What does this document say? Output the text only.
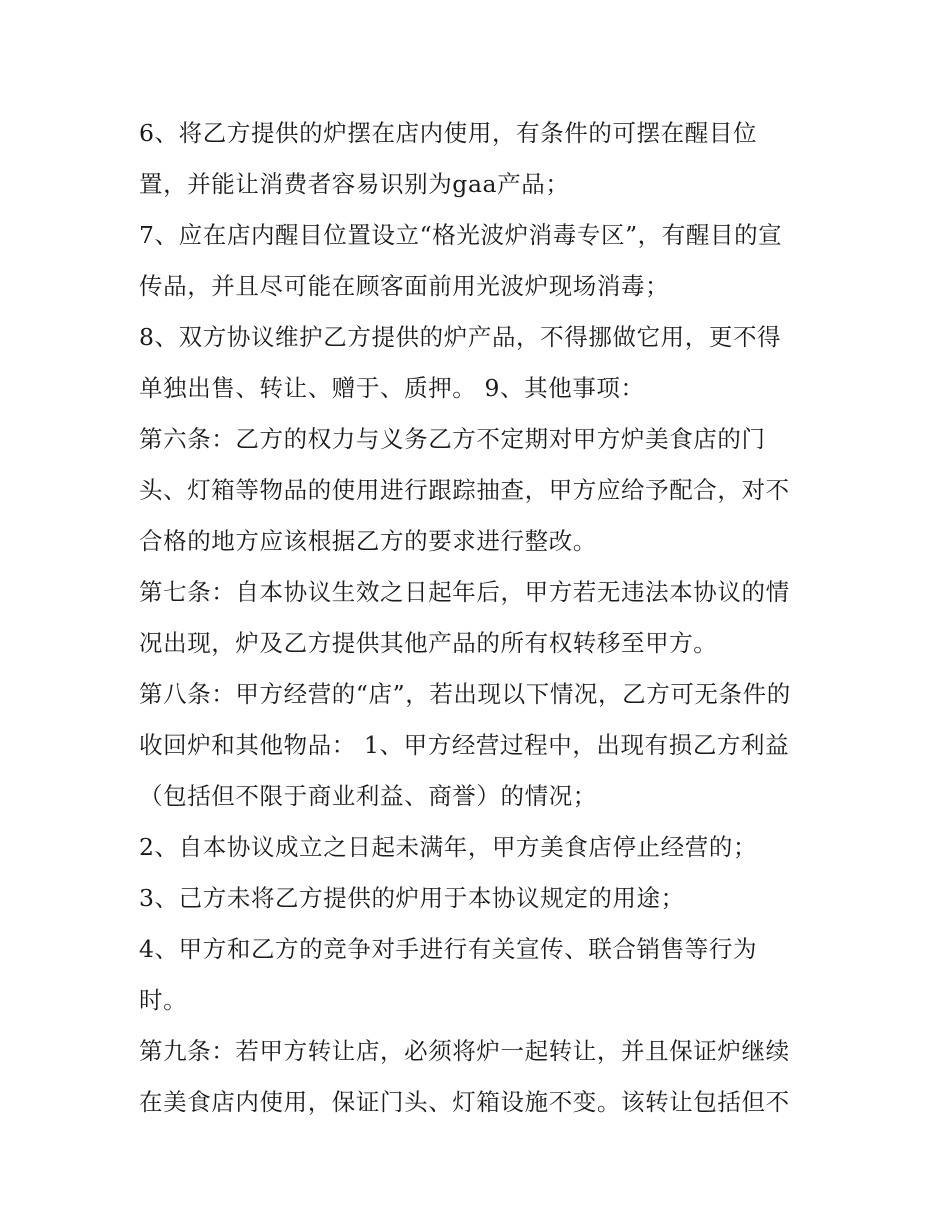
6、将乙方提供的炉摆在店内使用，有条件的可摆在醒目位
置，并能让消费者容易识别为gaa产品；
7、应在店内醒目位置设立“格光波炉消毒专区”，有醒目的宣
传品，并且尽可能在顾客面前用光波炉现场消毒；
8、双方协议维护乙方提供的炉产品，不得挪做它用，更不得
单独出售、转让、赠于、质押。 9、其他事项：
第六条：乙方的权力与义务乙方不定期对甲方炉美食店的门
头、灯箱等物品的使用进行跟踪抽查，甲方应给予配合，对不
合格的地方应该根据乙方的要求进行整改。
第七条：自本协议生效之日起年后，甲方若无违法本协议的情
况出现，炉及乙方提供其他产品的所有权转移至甲方。
第八条：甲方经营的“店”，若出现以下情况，乙方可无条件的
收回炉和其他物品： 1、甲方经营过程中，出现有损乙方利益
（包括但不限于商业利益、商誉）的情况；
2、自本协议成立之日起未满年，甲方美食店停止经营的；
3、己方未将乙方提供的炉用于本协议规定的用途；
4、甲方和乙方的竞争对手进行有关宣传、联合销售等行为
时。
第九条：若甲方转让店，必须将炉一起转让，并且保证炉继续
在美食店内使用，保证门头、灯箱设施不变。该转让包括但不
